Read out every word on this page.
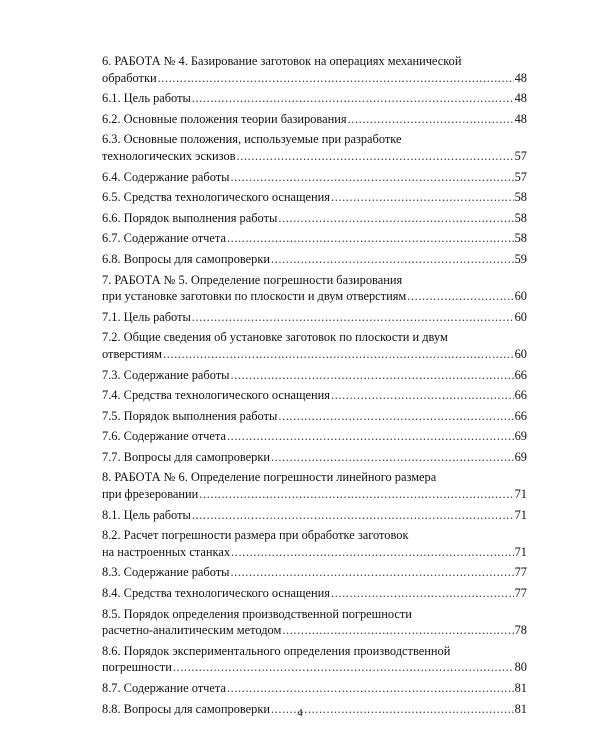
6. РАБОТА № 4. Базирование заготовок на операциях механической
обработки .....	48
6.1. Цель работы .....	48
6.2. Основные положения теории базирования .....	48
6.3. Основные положения, используемые при разработке
технологических эскизов .....	57
6.4. Содержание работы .....	57
6.5. Средства технологического оснащения .....	58
6.6. Порядок выполнения работы .....	58
6.7. Содержание отчета .....	58
6.8. Вопросы для самопроверки .....	59
7. РАБОТА № 5. Определение погрешности базирования
при установке заготовки по плоскости и двум отверстиям .....	60
7.1. Цель работы .....	60
7.2. Общие сведения об установке заготовок по плоскости и двум
отверстиям .....	60
7.3. Содержание работы .....	66
7.4. Средства технологического оснащения .....	66
7.5. Порядок выполнения работы .....	66
7.6. Содержание отчета .....	69
7.7. Вопросы для самопроверки .....	69
8. РАБОТА № 6. Определение погрешности линейного размера
при фрезеровании .....	71
8.1. Цель работы .....	71
8.2. Расчет погрешности размера при обработке заготовок
на настроенных станках .....	71
8.3. Содержание работы .....	77
8.4. Средства технологического оснащения .....	77
8.5. Порядок определения производственной погрешности
расчетно-аналитическим методом .....	78
8.6. Порядок экспериментального определения производственной
погрешности .....	80
8.7. Содержание отчета .....	81
8.8. Вопросы для самопроверки .....	81
4
